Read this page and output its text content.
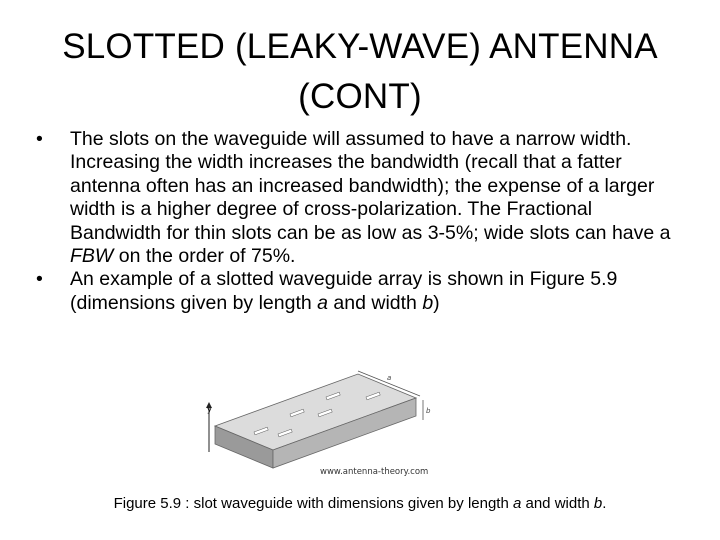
SLOTTED (LEAKY-WAVE) ANTENNA
(CONT)
• The slots on the waveguide will assumed to have a narrow width. Increasing the width increases the bandwidth (recall that a fatter antenna often has an increased bandwidth); the expense of a larger width is a higher degree of cross-polarization. The Fractional Bandwidth for thin slots can be as low as 3-5%; wide slots can have a FBW on the order of 75%.
• An example of a slotted waveguide array is shown in Figure 5.9 (dimensions given by length a and width b)
y
a
b
www.antenna-theory.com
Figure 5.9 : slot waveguide with dimensions given by length a and width b.
